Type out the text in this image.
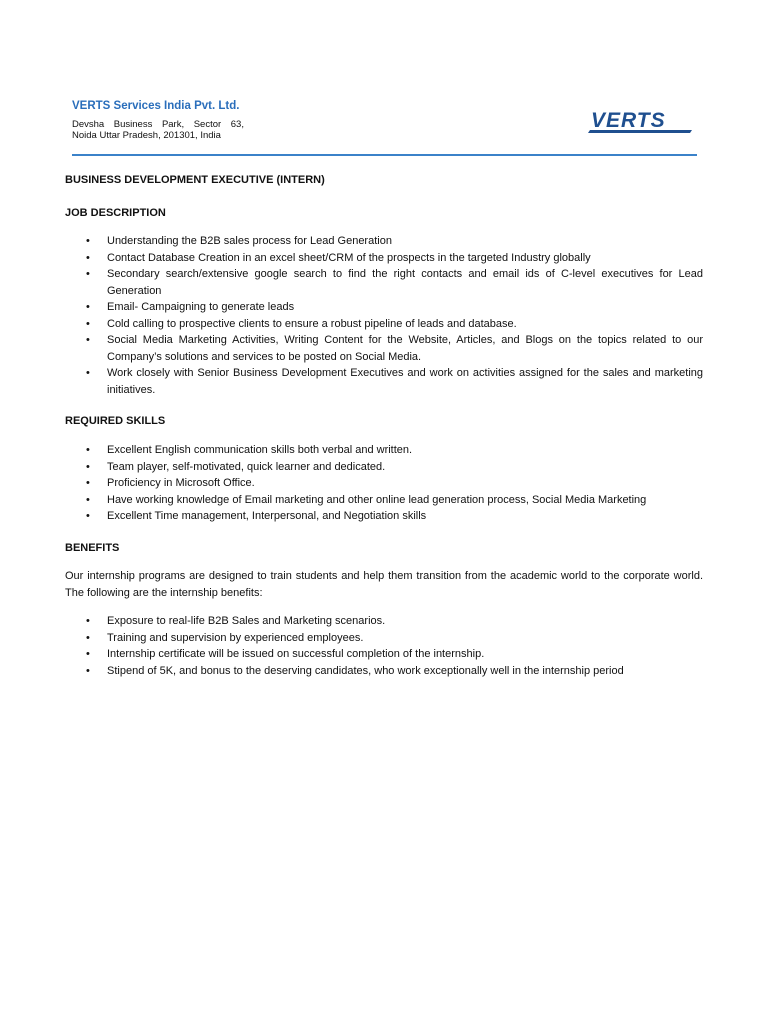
VERTS Services India Pvt. Ltd.
Devsha Business Park, Sector 63,
Noida Uttar Pradesh, 201301, India
VERTS
BUSINESS DEVELOPMENT EXECUTIVE (INTERN)
JOB DESCRIPTION
• Understanding the B2B sales process for Lead Generation
• Contact Database Creation in an excel sheet/CRM of the prospects in the targeted Industry globally
• Secondary search/extensive google search to find the right contacts and email ids of C-level executives for Lead Generation
• Email- Campaigning to generate leads
• Cold calling to prospective clients to ensure a robust pipeline of leads and database.
• Social Media Marketing Activities, Writing Content for the Website, Articles, and Blogs on the topics related to our Company’s solutions and services to be posted on Social Media.
• Work closely with Senior Business Development Executives and work on activities assigned for the sales and marketing initiatives.
REQUIRED SKILLS
• Excellent English communication skills both verbal and written.
• Team player, self-motivated, quick learner and dedicated.
• Proficiency in Microsoft Office.
• Have working knowledge of Email marketing and other online lead generation process, Social Media Marketing
• Excellent Time management, Interpersonal, and Negotiation skills
BENEFITS

Our internship programs are designed to train students and help them transition from the academic world to the corporate world. The following are the internship benefits:

• Exposure to real-life B2B Sales and Marketing scenarios.
• Training and supervision by experienced employees.
• Internship certificate will be issued on successful completion of the internship.
• Stipend of 5K, and bonus to the deserving candidates, who work exceptionally well in the internship period
